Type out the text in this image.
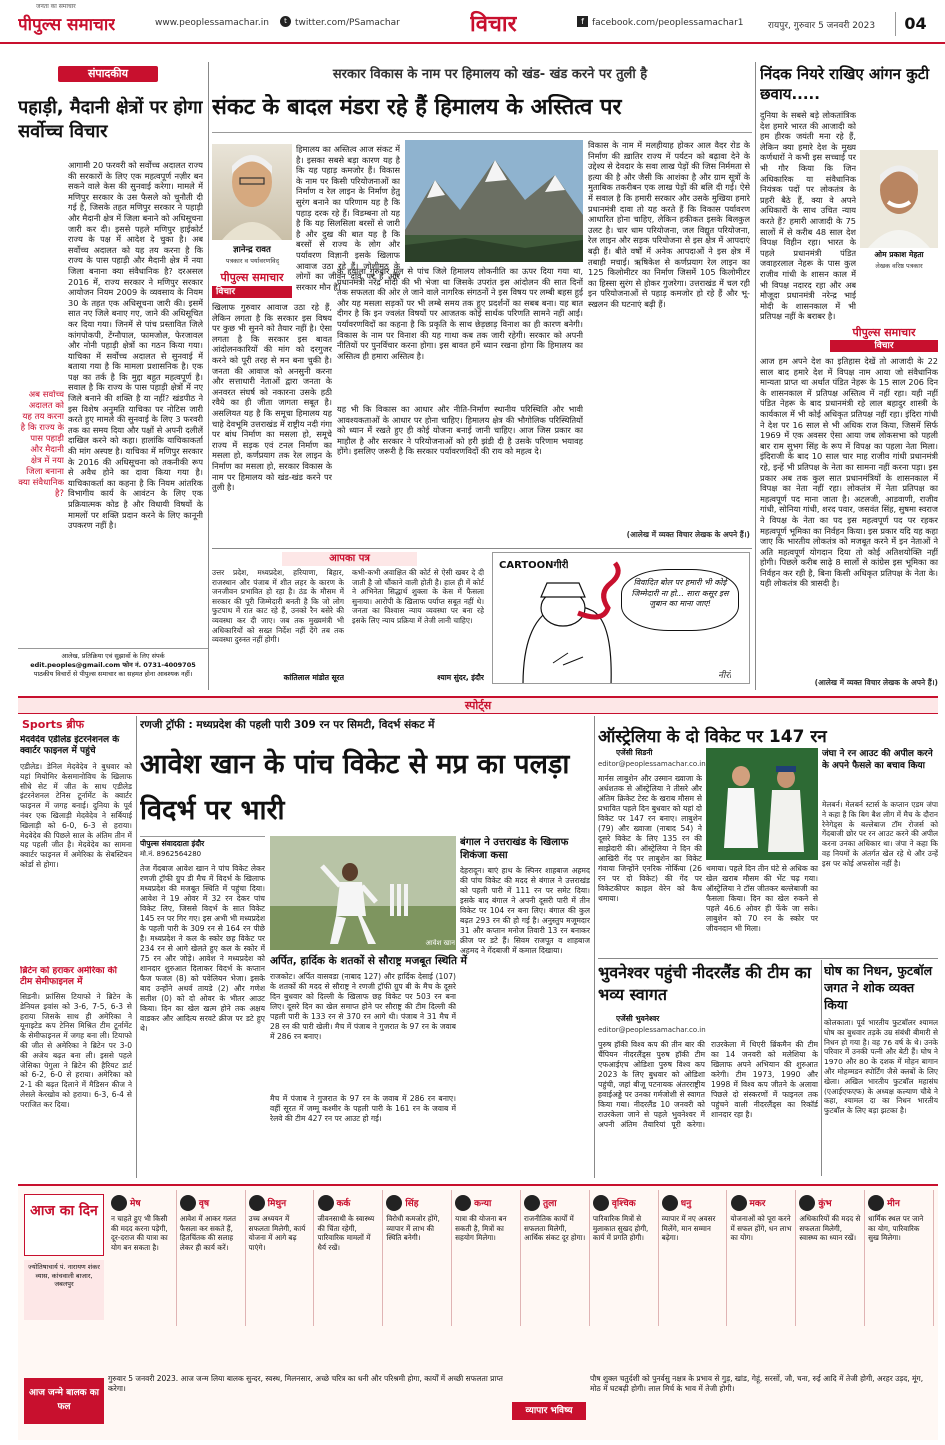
जनता का समाचार
पीपुल्स समाचार	www.peoplessamachar.in	t twitter.com/PSamachar	विचार	f facebook.com/peoplessamachar1	रायपुर, गुरुवार 5 जनवरी 2023	04
संपादकीय
पहाड़ी, मैदानी क्षेत्रों पर होगा सर्वोच्च विचार
आगामी 20 फरवरी को सर्वोच्च अदालत राज्य की सरकारों के लिए एक महत्वपूर्ण नज़ीर बन सकने वाले केस की सुनवाई करेगा। मामले में मणिपुर सरकार के उस फैसले को चुनौती दी गई है, जिसके तहत मणिपुर सरकार ने पहाड़ी और मैदानी क्षेत्र में जिला बनाने को अधिसूचना जारी कर दी। इससे पहले मणिपुर हाईकोर्ट राज्य के पक्ष में आदेश दे चुका है। अब सर्वोच्च अदालत को यह तय करना है कि राज्य के पास पहाड़ी और मैदानी क्षेत्र में नया जिला बनाना क्या संवैधानिक है? दरअसल 2016 में, राज्य सरकार ने मणिपुर सरकार आयोजन नियम 2009 के व्यवसाय के नियम 30 के तहत एक अधिसूचना जारी की। इसमें सात नए जिले बनाए गए, जाने की अधिसूचित कर दिया गया। जिनमें से पांच प्रस्तावित जिले कांगपोकपी, टेंग्नौपाल, फामजोल, फेरजावल और नोनी पहाड़ी क्षेत्रों का गठन किया गया। याचिका में सर्वोच्च अदालत से सुनवाई में बताया गया है कि मामला प्रशासनिक है। एक पक्ष का तर्क है कि मुद्दा बहुत महत्वपूर्ण है। सवाल है कि राज्य के पास पहाड़ी क्षेत्रों में नए जिले बनाने की शक्ति है या नहीं? खंडपीठ ने इस विशेष अनुमति याचिका पर नोटिस जारी करते हुए मामले की सुनवाई के लिए 3 फरवरी तक का समय दिया और पक्षों से अपनी दलीलें दाखिल करने को कहा। हालांकि याचिकाकर्ता की मांग अस्पष्ट है। याचिका में मणिपुर सरकार के 2016 की अधिसूचना को तकनीकी रूप से अवैध होने का दावा किया गया है। याचिकाकर्ता का कहना है कि नियम आंतरिक विभागीय कार्य के आवंटन के लिए एक प्रक्रियात्मक कोड है और विधायी विषयों के मामलों पर शक्ति प्रदान करने के लिए कानूनी उपकरण नहीं है।
अब सर्वोच्च अदालत को यह तय करना है कि राज्य के पास पहाड़ी और मैदानी क्षेत्र में नया जिला बनाना क्या संवैधानिक है?
आलेख, प्रतिक्रिया एवं सुझावों के लिए संपर्क
edit.peoples@gmail.com फोन नं. 0731-4009705
पाठकीय विचारों से पीपुल्स समाचार का सहमत होना आवश्यक नहीं।
सरकार विकास के नाम पर हिमालय को खंड- खंड करने पर तुली है
संकट के बादल मंडरा रहे हैं हिमालय के अस्तित्व पर
ज्ञानेन्द्र रावत
पत्रकार व पर्यावरणविद्
पीपुल्स समाचार
विचार
खिलाफ गुरुवार आवाज उठा रहे हैं, लेकिन लगता है कि सरकार इस विषय पर कुछ भी सुनने को तैयार नहीं है। ऐसा लगता है कि सरकार इस बावत आंदोलनकारियों की मांग को दरगुजर करने को पूरी तरह से मन बना चुकी है। जनता की आवाज को अनसुनी करना और सत्ताधारी नेताओं द्वारा जनता के अनवरत संघर्ष को नकारना उसके हठी रवैये का ही जीता जागता सबूत है। असलियत यह है कि समूचा हिमालय यह चाहे देवभूमि उत्तराखंड में राष्ट्रीय नदी गंगा पर बांध निर्माण का मसला हो, समूचे राज्य में सड़क एवं टनल निर्माण का मसला हो, कर्णप्रयाग तक रेल लाइन के निर्माण का मसला हो, सरकार विकास के नाम पर हिमालय को खंड-खंड करने पर तुली है।
हिमालय का अस्तित्व आज संकट में है। इसका सबसे बड़ा कारण यह है कि यह पहाड़ कमजोर हैं। विकास के नाम पर किसी परियोजनाओं का निर्माण व रेल लाइन के निर्माण हेतु सुरंग बनाने का परिणाम यह है कि पहाड़ दरक रहे हैं। विडम्बना तो यह है कि यह सिलसिला बरसों से जारी है और दुख की बात यह है कि बरसों से राज्य के लोग और पर्यावरण विज्ञानी इसके खिलाफ आवाज उठा रहे हैं। जोशीमठ के लोगों का जीवन दांव पर है और सरकार मौन है।
के हवाला गुरुवार पुल से पांच जिले हिमालय लोकनीति का ऊपर दिया गया था, प्रधानमंत्री नरेंद्र मोदी की भी भेजा था जिसके उपरांत इस आंदोलन की सात दिनों तक सफलता की ओर ले जाने वाले नागरिक संगठनों ने इस विषय पर लम्बी बहस हुई और यह मसला सड़कों पर भी लम्बे समय तक हुए प्रदर्शनों का सबब बना। यह बात दीगर है कि इन ज्वलंत विषयों पर आजतक कोई सार्थक परिणति सामने नहीं आई। पर्यावरणविदों का कहना है कि प्रकृति के साथ छेड़छाड़ विनाश का ही कारण बनेगी। विकास के नाम पर विनाश की यह गाथा कब तक जारी रहेगी। सरकार को अपनी नीतियों पर पुनर्विचार करना होगा। इस बावत हमें ध्यान रखना होगा कि हिमालय का अस्तित्व ही हमारा अस्तित्व है।
यह भी कि विकास का आधार और नीति-निर्माण स्थानीय परिस्थिति और भावी आवश्यकताओं के आधार पर होना चाहिए। हिमालय क्षेत्र की भौगोलिक परिस्थितियों को ध्यान में रखते हुए ही कोई योजना बनाई जानी चाहिए। आज जिस प्रकार का माहौल है और सरकार ने परियोजनाओं को हरी झंडी दी है उसके परिणाम भयावह होंगे। इसलिए जरूरी है कि सरकार पर्यावरणविदों की राय को महत्व दे।
विकास के नाम में मलहीयाह होकर आल वैदर रोड के निर्माण की ख़ातिर राज्य में पर्यटन को बढ़ावा देने के उद्देश्य से देवदार के सवा लाख पेड़ों की जिस निर्ममता से हत्या की है और जैसी कि आशंका है और ग्राम सूत्रों के मुताबिक तकरीबन एक लाख पेड़ों की बलि दी गई। ऐसे में सवाल है कि हमारी सरकार और उसके मुखिया हमारे प्रधानमंत्री दावा तो यह करते हैं कि विकास पर्यावरण आधारित होना चाहिए, लेकिन हकीकत इसके बिलकुल उलट है। चार धाम परियोजना, जल विद्युत परियोजना, रेल लाइन और सड़क परियोजना से इस क्षेत्र में आपदाएं बढ़ी हैं। बीते वर्षों में अनेक आपदाओं ने इस क्षेत्र में तबाही मचाई। ऋषिकेश से कर्णप्रयाग रेल लाइन का 125 किलोमीटर का निर्माण जिसमें 105 किलोमीटर का हिस्सा सुरंग से होकर गुजरेगा। उत्तराखंड में चल रही इन परियोजनाओं से पहाड़ कमजोर हो रहे हैं और भू-स्खलन की घटनाएं बढ़ी हैं।
(आलेख में व्यक्त विचार लेखक के अपने हैं।)
निंदक नियरे राखिए आंगन कुटी छवाय.....
दुनिया के सबसे बड़े लोकतांत्रिक देश हमारे भारत की आजादी को हम हीरक जयंती मना रहे हैं, लेकिन क्या हमारे देश के मुख्य कर्णधारों ने कभी इस सच्चाई पर भी गौर किया कि जिन अधिकारिक या संवैधानिक नियंत्रक पदों पर लोकतंत्र के प्रहरी बैठे हैं, क्या वे अपने अधिकारों के साथ उचित न्याय करते हैं? हमारी आजादी के 75 सालों में से करीब 48 साल देश विपक्ष विहीन रहा। भारत के पहले प्रधानमंत्री पंडित जवाहरलाल नेहरू के पास कुल राजीव गांधी के शासन काल में भी विपक्ष नदारद रहा और अब मौजूदा प्रधानमंत्री नरेन्द्र भाई मोदी के शासनकाल में भी प्रतिपक्ष नहीं के बराबर है।
ओम प्रकाश मेहता
लेखक वरिष्ठ पत्रकार
पीपुल्स समाचार
विचार
आज हम अपने देश का इतिहास देखें तो आजादी के 22 साल बाद हमारे देश में विपक्ष नाम आया जो संवैधानिक मान्यता प्राप्त था अर्थात पंडित नेहरू के 15 साल 206 दिन के शासनकाल में प्रतिपक्ष अस्तित्व में नहीं रहा। यही नहीं पंडित नेहरू के बाद प्रधानमंत्री रहे लाल बहादुर शास्त्री के कार्यकाल में भी कोई अधिकृत प्रतिपक्ष नहीं रहा। इंदिरा गांधी ने देश पर 16 साल से भी अधिक राज किया, जिसमें सिर्फ 1969 में एक अवसर ऐसा आया जब लोकसभा को पहली बार राम सुभग सिंह के रूप में विपक्ष का पहला नेता मिला। इंदिराजी के बाद 10 साल चार माह राजीव गांधी प्रधानमंत्री रहे, इन्हें भी प्रतिपक्ष के नेता का सामना नहीं करना पड़ा। इस प्रकार अब तक कुल सात प्रधानमंत्रियों के शासनकाल में विपक्ष का नेता नहीं रहा। लोकतंत्र में नेता प्रतिपक्ष का महत्वपूर्ण पद माना जाता है। अटलजी, आडवाणी, राजीव गांधी, सोनिया गांधी, शरद पवार, जसवंत सिंह, सुषमा स्वराज ने विपक्ष के नेता का पद इस महत्वपूर्ण पद पर रहकर महत्वपूर्ण भूमिका का निर्वहन किया। इस प्रकार यदि यह कहा जाए कि भारतीय लोकतंत्र को मजबूत करने में इन नेताओं ने अति महत्वपूर्ण योगदान दिया तो कोई अतिशयोक्ति नहीं होगी। पिछले करीब साढ़े 8 सालों से कांग्रेस इस भूमिका का निर्वहन कर रही है, बिना किसी अधिकृत प्रतिपक्ष के नेता के। यही लोकतंत्र की त्रासदी है।
(आलेख में व्यक्त विचार लेखक के अपने हैं।)
आपका पत्र
उत्तर प्रदेश, मध्यप्रदेश, हरियाणा, बिहार, राजस्थान और पंजाब में शीत लहर के कारण के जनजीवन प्रभावित हो रहा है। ठंड के मौसम में सरकार की पूरी जिम्मेदारी बनती है कि जो लोग फुटपाथ में रात काट रहे हैं, उनको रैन बसेरे की व्यवस्था कर दी जाए। जब तक मुख्यमंत्री भी अधिकारियों को सख्त निर्देश नहीं देंगे तब तक व्यवस्था दुरुस्त नहीं होगी।
कांतिलाल मांडोत सूरत
कभी-कभी अवाक्षित की कोर्ट से ऐसी खबर दे दी जाती है जो चौंकाने वाली होती है। हाल ही में कोर्ट ने अभिनेता सिद्धार्थ शुक्ला के केस में फैसला सुनाया। आरोपी के खिलाफ पर्याप्त सबूत नहीं थे। जनता का विश्वास न्याय व्यवस्था पर बना रहे इसके लिए न्याय प्रक्रिया में तेजी लानी चाहिए।
श्याम सुंदर, इंदौर
CARTOONगीरी
विवादित बोल पर हमारी भी कोई जिम्मेदारी ना हो... सारा कसूर इस जुबान का माना जाए!
नीरो
स्पोर्ट्स
Sports ब्रीफ
मेदवेदेव एडीलेड इंटरनेशनल के क्वार्टर फाइनल में पहुंचे
एडीलेड। डेनिल मेदवेदेव ने बुधवार को यहां मियोमिर केसमानोविच के खिलाफ सीधे सेट में जीत के साथ एडीलेड इंटरनेशनल टेनिस टूर्नामेंट के क्वार्टर फाइनल में जगह बनाई। दुनिया के पूर्व नंबर एक खिलाड़ी मेदवेदेव ने सर्बियाई खिलाड़ी को 6-0, 6-3 से हराया। मेदवेदेव की पिछले साल के अंतिम तीन में यह पहली जीत है। मेदवेदेव का सामना क्वार्टर फाइनल में अमेरिका के सेबस्टियन कोर्डा से होगा।
ब्रिटेन को हराकर अमेरिका की टीम सेमीफाइनल में
सिडनी। फ्रांसिस टियाफो ने ब्रिटेन के डेनियल इवांस को 3-6, 7-5, 6-3 से हराया जिसके साथ ही अमेरिका ने यूनाइटेड कप टेनिस मिश्रित टीम टूर्नामेंट के सेमीफाइनल में जगह बना ली। टियाफो की जीत से अमेरिका ने ब्रिटेन पर 3-0 की अजेय बढ़त बना ली। इससे पहले जेसिका पेगुला ने ब्रिटेन की हैरियट डार्ट को 6-2, 6-0 से हराया। अमेरिका को 2-1 की बढ़त दिलाने में मैडिसन कीज ने लेसले केरखोव को हराया। 6-3, 6-4 से पराजित कर दिया।
रणजी ट्रॉफी : मध्यप्रदेश की पहली पारी 309 रन पर सिमटी, विदर्भ संकट में
आवेश खान के पांच विकेट से मप्र का पलड़ा विदर्भ पर भारी
पीपुल्स संवाददाता इंदौर
मो.नं. 8962564280
तेज गेंदबाज आवेश खान ने पांच विकेट लेकर रणजी ट्रॉफी ग्रुप डी मैच में विदर्भ के खिलाफ मध्यप्रदेश की मजबूत स्थिति में पहुंचा दिया। आवेश ने 19 ओवर में 32 रन देकर पांच विकेट लिए, जिससे विदर्भ के सात विकेट 145 रन पर गिर गए। इस अभी भी मध्यप्रदेश के पहली पारी के 309 रन से 164 रन पीछे है। मध्यप्रदेश ने कल के स्कोर छह विकेट पर 234 रन से आगे खेलते हुए कल के स्कोर में 75 रन और जोड़े। आवेश ने मध्यप्रदेश को शानदार शुरुआत दिलाकर विदर्भ के कप्तान फैज फजल (8) को पवेलियन भेजा। इसके बाद उन्होंने अथर्व तायडे (2) और गणेश सतीश (0) को दो ओवर के भीतर आउट किया। दिन का खेल खत्म होने तक अक्षय वाडकर और आदित्य सरवटे क्रीज पर डटे हुए थे।
आवेश खान
अर्पित, हार्दिक के शतकों से सौराष्ट्र मजबूत स्थिति में
राजकोट। अर्पित वासवडा (नाबाद 127) और हार्दिक देसाई (107) के शतकों की मदद से सौराष्ट्र ने रणजी ट्रॉफी ग्रुप बी के मैच के दूसरे दिन बुधवार को दिल्ली के खिलाफ छह विकेट पर 503 रन बना लिए। दूसरे दिन का खेल समाप्त होने पर सौराष्ट्र की टीम दिल्ली की पहली पारी के 133 रन से 370 रन आगे थी। पंजाब ने 31 मैच में 28 रन की पारी खेली। मैच में पंजाब ने गुजरात के 97 रन के जवाब में 286 रन बनाए।
मैच में पंजाब ने गुजरात के 97 रन के जवाब में 286 रन बनाए। वहीं सूरत में जम्मू कश्मीर के पहली पारी के 161 रन के जवाब में रेलवे की टीम 427 रन पर आउट हो गई।
बंगाल ने उत्तराखंड के खिलाफ शिकंजा कसा
देहरादून। बाएं हाथ के स्पिनर शाहबाज अहमद की पांच विकेट की मदद से बंगाल ने उत्तराखंड को पहली पारी में 111 रन पर समेट दिया। इसके बाद बंगाल ने अपनी दूसरी पारी में तीन विकेट पर 104 रन बना लिए। बंगाल की कुल बढ़त 293 रन की हो गई है। अनुस्तुप मजूमदार 31 और कप्तान मनोज तिवारी 13 रन बनाकर क्रीज पर डटे हैं। सिवम राजपूत व शाहबाज अहमद ने गेंदबाजी में कमाल दिखाया।
ऑस्ट्रेलिया के दो विकेट पर 147 रन
एजेंसी सिडनी
editor@peoplessamachar.co.in
मार्नस लाबुशेन और उस्मान ख्वाजा के अर्धशतक से ऑस्ट्रेलिया ने तीसरे और अंतिम क्रिकेट टेस्ट के खराब मौसम से प्रभावित पहले दिन बुधवार को यहां दो विकेट पर 147 रन बनाए। लाबुशेन (79) और ख्वाजा (नाबाद 54) ने दूसरे विकेट के लिए 135 रन की साझेदारी की। ऑस्ट्रेलिया ने दिन की आखिरी गेंद पर लाबुशेन का विकेट गंवाया जिन्होंने एनरिक नोर्किया (26 रन पर दो विकेट) की गेंद पर विकेटकीपर काइल वेरेन को कैच थमाया।
जंघा ने रन आउट की अपील करने के अपने फैसले का बचाव किया
मेलबर्न। मेलबर्न स्टार्स के कप्तान एडम जंपा ने कहा है कि बिग बैश लीग में मैच के दौरान रेनेगेड्स के बल्लेबाज टॉम रोजर्स को गेंदबाजी छोर पर रन आउट करने की अपील करना उनका अधिकार था। जंपा ने कहा कि वह नियमों के अंतर्गत खेल रहे थे और उन्हें इस पर कोई अफसोस नहीं है।
थमाया। पहले दिन तीन घंटे से अधिक का खेल खराब मौसम की भेंट चढ़ गया। ऑस्ट्रेलिया ने टॉस जीतकर बल्लेबाजी का फैसला किया। दिन का खेल रुकने से पहले 46.6 ओवर ही फेंके जा सके। लाबुशेन को 70 रन के स्कोर पर जीवनदान भी मिला।
भुवनेश्वर पहुंची नीदरलैंड की टीम का भव्य स्वागत
एजेंसी भुवनेश्वर
editor@peoplessamachar.co.in
पुरुष हॉकी विश्व कप की तीन बार की चैंपियन नीदरलैंड्स पुरुष हॉकी टीम एफआईएच ओडिशा पुरुष विश्व कप 2023 के लिए बुधवार को ओडिशा पहुंची, जहां बीजू पटनायक अंतरराष्ट्रीय हवाईअड्डे पर उनका गर्मजोशी से स्वागत किया गया। नीदरलैंड 10 जनवरी को राउरकेला जाने से पहले भुवनेश्वर में अपनी अंतिम तैयारियां पूरी करेगा। राउरकेला में थिएरी ब्रिंकमैन की टीम का 14 जनवरी को मलेशिया के खिलाफ अपने अभियान की शुरुआत करेगी। टीम 1973, 1990 और 1998 में विश्व कप जीतने के अलावा पिछले दो संस्करणों में फाइनल तक पहुंचने वाली नीदरलैंड्स का रिकॉर्ड शानदार रहा है।
घोष का निधन, फुटबॉल जगत ने शोक व्यक्त किया
कोलकाता। पूर्व भारतीय फुटबॉलर श्यामल घोष का बुधवार तड़के उम्र संबंधी बीमारी से निधन हो गया है। वह 76 वर्ष के थे। उनके परिवार में उनकी पत्नी और बेटी हैं। घोष ने 1970 और 80 के दशक में मोहन बागान और मोहम्मडन स्पोर्टिंग जैसे क्लबों के लिए खेला। अखिल भारतीय फुटबॉल महासंघ (एआईएफएफ) के अध्यक्ष कल्याण चौबे ने कहा, श्यामल दा का निधन भारतीय फुटबॉल के लिए बड़ा झटका है।
आज का दिन
ज्योतिषाचार्य पं. नारायण शंकर व्यास, कांचवाली बाजार, जबलपुर
मेष
न चाहते हुए भी किसी की मदद करना पड़ेगी, दूर-दराज की यात्रा का योग बन सकता है।
वृष
आवेश में आकर गलत फैसला कर सकते हैं, हितचिंतक की सलाह लेकर ही कार्य करें।
मिथुन
उच्च अध्ययन में सफलता मिलेगी, कार्य योजना में आगे बढ़ पाएंगे।
कर्क
जीवनसाथी के स्वास्थ्य की चिंता रहेगी, पारिवारिक मामलों में धैर्य रखें।
सिंह
विरोधी कमजोर होंगे, व्यापार में लाभ की स्थिति बनेगी।
कन्या
यात्रा की योजना बन सकती है, मित्रों का सहयोग मिलेगा।
तुला
राजनीतिक कार्यों में सफलता मिलेगी, आर्थिक संकट दूर होगा।
वृश्चिक
पारिवारिक मित्रों से मुलाकात सुखद होगी, कार्य में प्रगति होगी।
धनु
व्यापार में नए अवसर मिलेंगे, मान सम्मान बढ़ेगा।
मकर
योजनाओं को पूरा करने में सफल होंगे, धन लाभ का योग।
कुंभ
अधिकारियों की मदद से सफलता मिलेगी, स्वास्थ्य का ध्यान रखें।
मीन
धार्मिक स्थल पर जाने का योग, पारिवारिक सुख मिलेगा।
आज जन्मे बालक का फल
गुरुवार 5 जनवरी 2023. आज जन्म लिया बालक सुन्दर, स्वस्थ, मिलनसार, अच्छे चरित्र का धनी और परिश्रमी होगा, कार्यों में अच्छी सफलता प्राप्त करेगा।
व्यापार भविष्य
पौष शुक्ल चतुर्दशी को पुनर्वसु नक्षत्र के प्रभाव से गुड़, खांड, गेहूं, सरसों, जौ, चना, रुई आदि में तेजी होगी, अरहर उड़द, मूंग, मोठ में घटबढ़ी होगी। लाल मिर्च के भाव में तेजी होगी।
